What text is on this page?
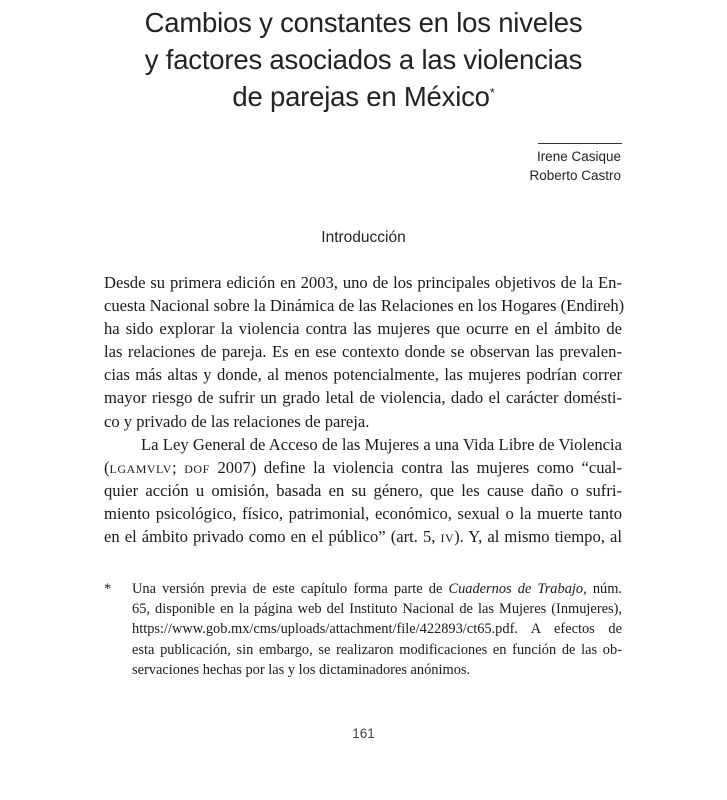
Cambios y constantes en los niveles
y factores asociados a las violencias
de parejas en México*
Irene Casique
Roberto Castro
Introducción
Desde su primera edición en 2003, uno de los principales objetivos de la En-
cuesta Nacional sobre la Dinámica de las Relaciones en los Hogares (Endireh)
ha sido explorar la violencia contra las mujeres que ocurre en el ámbito de
las relaciones de pareja. Es en ese contexto donde se observan las prevalen-
cias más altas y donde, al menos potencialmente, las mujeres podrían correr
mayor riesgo de sufrir un grado letal de violencia, dado el carácter domésti-
co y privado de las relaciones de pareja.
La Ley General de Acceso de las Mujeres a una Vida Libre de Violencia
(lgamvlv; dof 2007) define la violencia contra las mujeres como “cual-
quier acción u omisión, basada en su género, que les cause daño o sufri-
miento psicológico, físico, patrimonial, económico, sexual o la muerte tanto
en el ámbito privado como en el público” (art. 5, iv). Y, al mismo tiempo, al
* Una versión previa de este capítulo forma parte de Cuadernos de Trabajo, núm.
65, disponible en la página web del Instituto Nacional de las Mujeres (Inmujeres),
https://www.gob.mx/cms/uploads/attachment/file/422893/ct65.pdf. A efectos de
esta publicación, sin embargo, se realizaron modificaciones en función de las ob-
servaciones hechas por las y los dictaminadores anónimos.
161
